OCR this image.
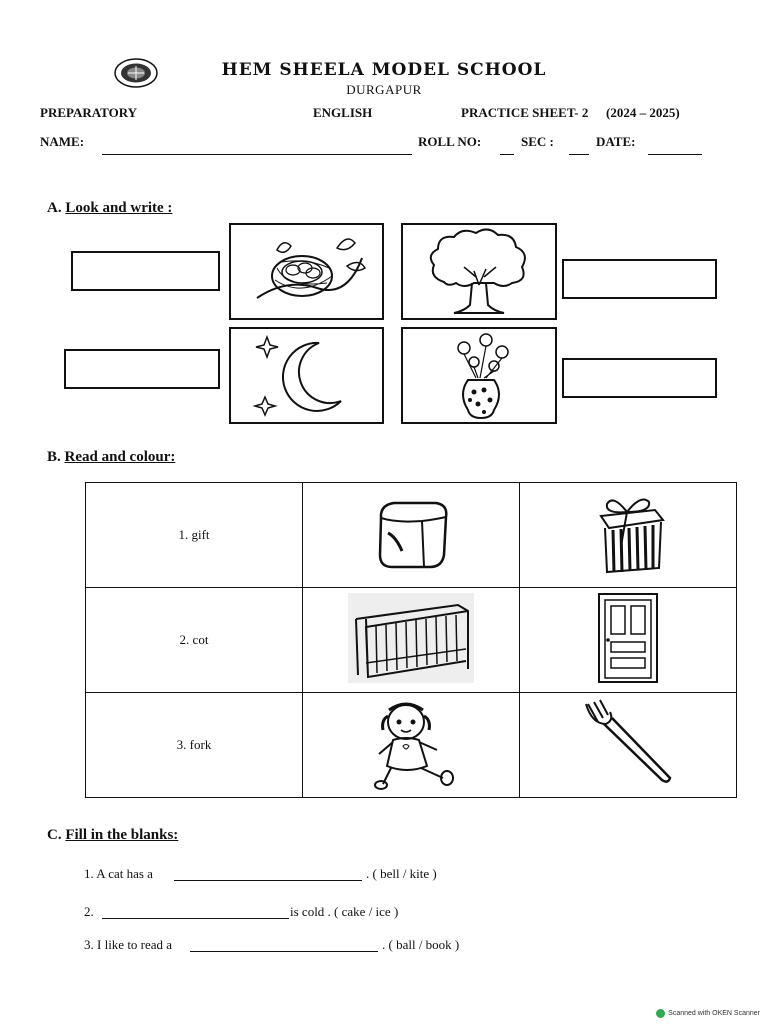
HEM SHEELA MODEL SCHOOL
DURGAPUR
PREPARATORY	ENGLISH	PRACTICE SHEET- 2 (2024 – 2025)
NAME:	ROLL NO:	SEC :	DATE:
A. Look and write :
B. Read and colour:
1. gift		
2. cot		
3. fork		
C. Fill in the blanks:
1. A cat has a	. ( bell / kite )
2.	is cold . ( cake / ice )
3. I like to read a	. ( ball / book )
Scanned with OKEN Scanner
